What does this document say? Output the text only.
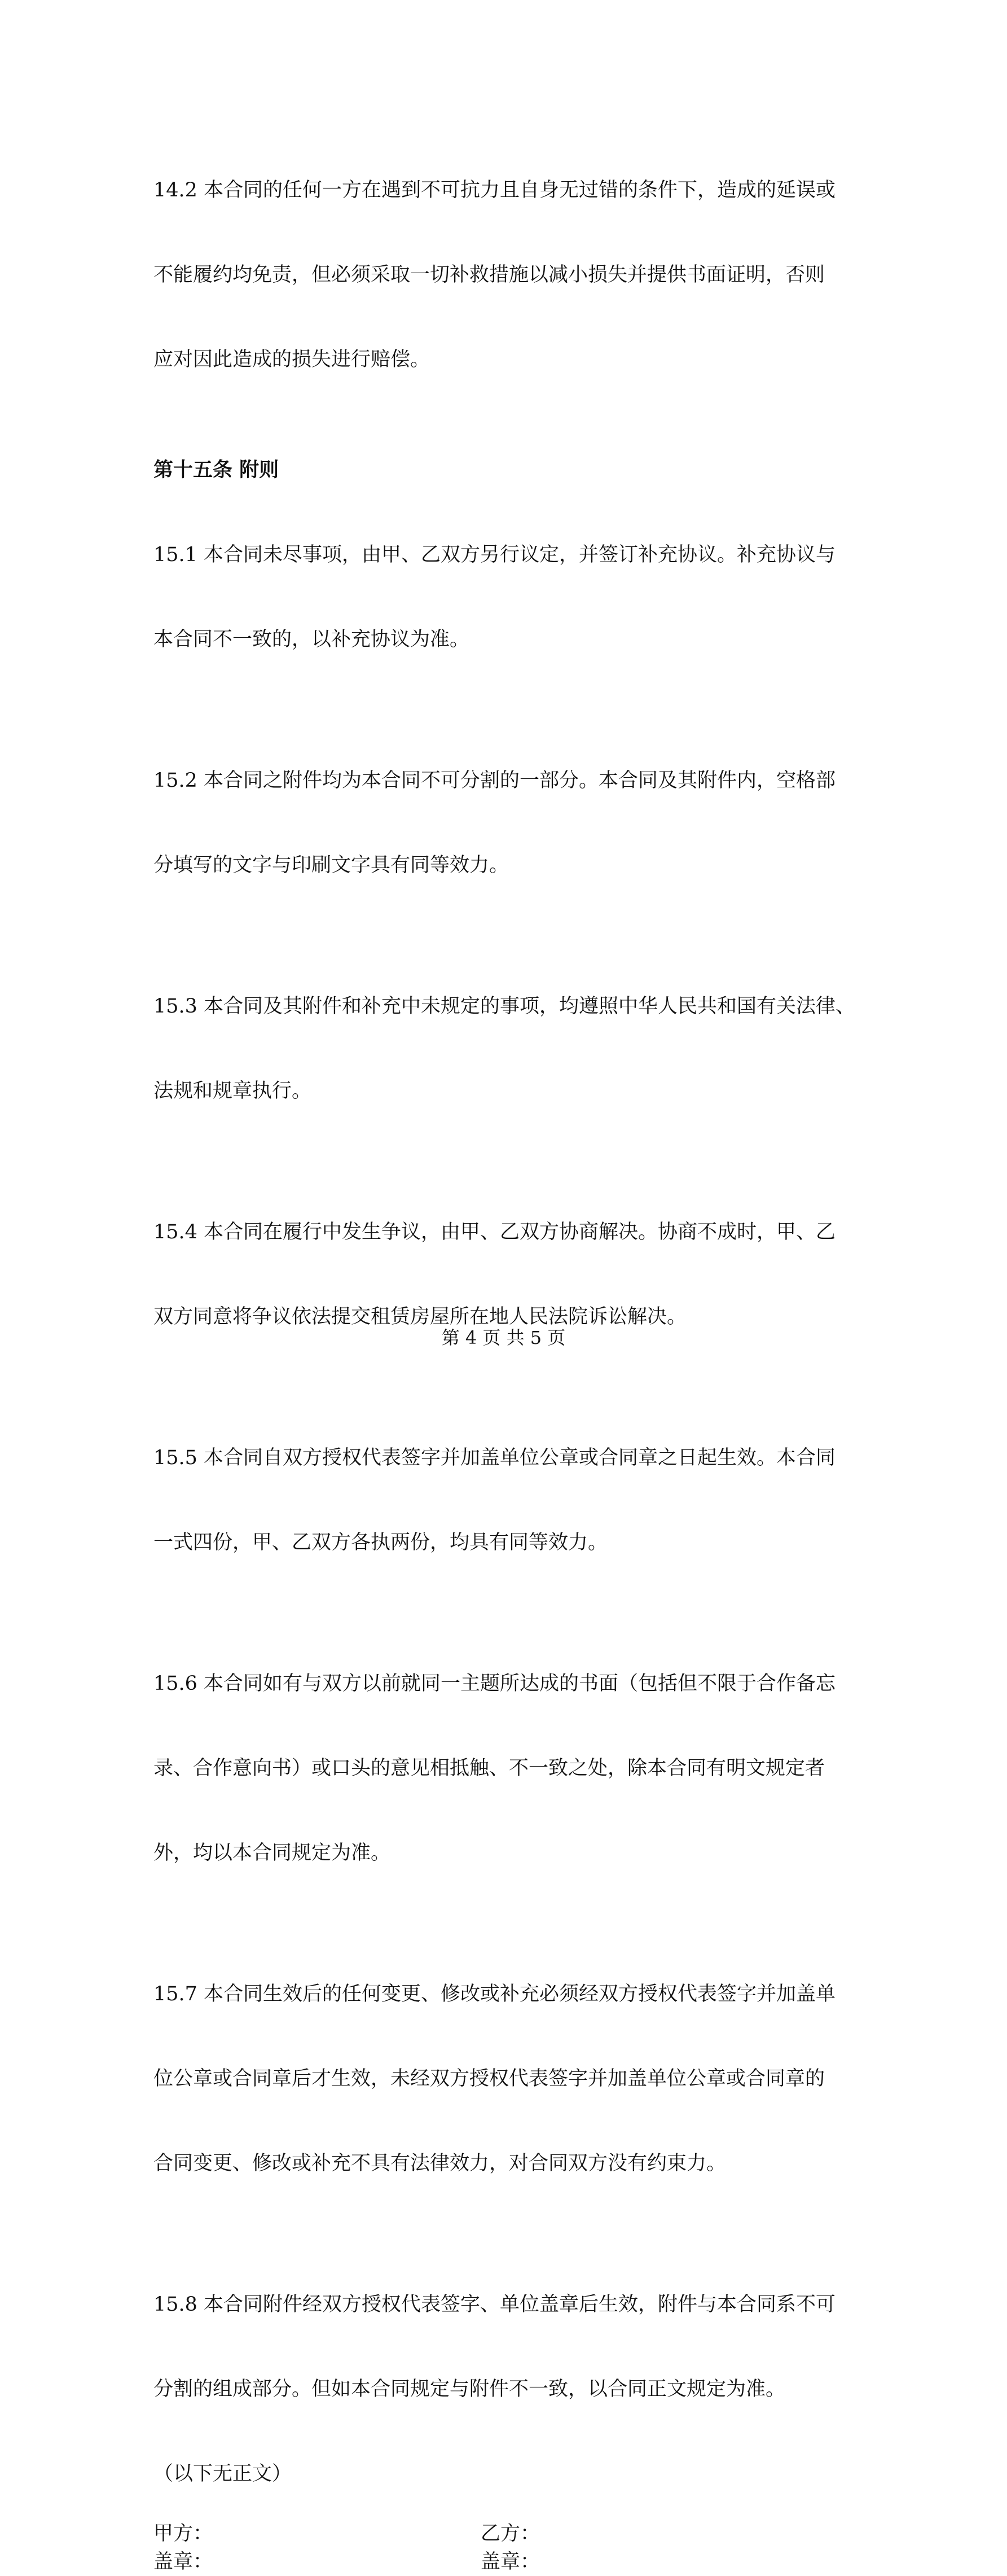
14.2 本合同的任何一方在遇到不可抗力且自身无过错的条件下，造成的延误或

不能履约均免责，但必须采取一切补救措施以减小损失并提供书面证明，否则

应对因此造成的损失进行赔偿。

第十五条 附则

15.1 本合同未尽事项，由甲、乙双方另行议定，并签订补充协议。补充协议与

本合同不一致的，以补充协议为准。

15.2 本合同之附件均为本合同不可分割的一部分。本合同及其附件内，空格部

分填写的文字与印刷文字具有同等效力。

15.3 本合同及其附件和补充中未规定的事项，均遵照中华人民共和国有关法律、

法规和规章执行。

15.4 本合同在履行中发生争议，由甲、乙双方协商解决。协商不成时，甲、乙

双方同意将争议依法提交租赁房屋所在地人民法院诉讼解决。

15.5 本合同自双方授权代表签字并加盖单位公章或合同章之日起生效。本合同

一式四份，甲、乙双方各执两份，均具有同等效力。

15.6 本合同如有与双方以前就同一主题所达成的书面（包括但不限于合作备忘

录、合作意向书）或口头的意见相抵触、不一致之处，除本合同有明文规定者

外，均以本合同规定为准。

15.7 本合同生效后的任何变更、修改或补充必须经双方授权代表签字并加盖单

位公章或合同章后才生效，未经双方授权代表签字并加盖单位公章或合同章的

合同变更、修改或补充不具有法律效力，对合同双方没有约束力。

15.8 本合同附件经双方授权代表签字、单位盖章后生效，附件与本合同系不可

分割的组成部分。但如本合同规定与附件不一致，以合同正文规定为准。

（以下无正文）

甲方：	乙方：
盖章：	盖章：
第 4 页 共 5 页
